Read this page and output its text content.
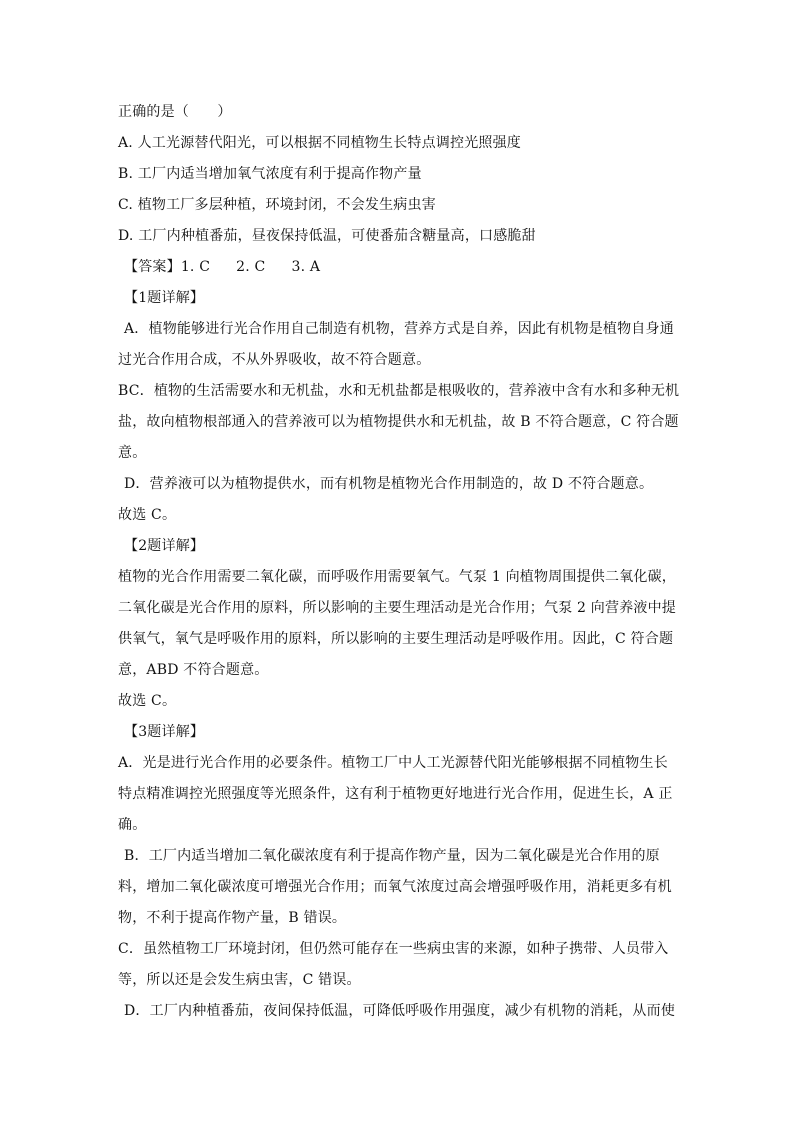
正确的是（　　）
A. 人工光源替代阳光，可以根据不同植物生长特点调控光照强度
B. 工厂内适当增加氧气浓度有利于提高作物产量
C. 植物工厂多层种植，环境封闭，不会发生病虫害
D. 工厂内种植番茄，昼夜保持低温，可使番茄含糖量高，口感脆甜
【答案】1. C 2. C 3. A
【1题详解】
A．植物能够进行光合作用自己制造有机物，营养方式是自养，因此有机物是植物自身通
过光合作用合成，不从外界吸收，故不符合题意。
BC．植物的生活需要水和无机盐，水和无机盐都是根吸收的，营养液中含有水和多种无机
盐，故向植物根部通入的营养液可以为植物提供水和无机盐，故 B 不符合题意，C 符合题
意。
D．营养液可以为植物提供水，而有机物是植物光合作用制造的，故 D 不符合题意。
故选 C。
【2题详解】
植物的光合作用需要二氧化碳，而呼吸作用需要氧气。气泵 1 向植物周围提供二氧化碳，
二氧化碳是光合作用的原料，所以影响的主要生理活动是光合作用；气泵 2 向营养液中提
供氧气，氧气是呼吸作用的原料，所以影响的主要生理活动是呼吸作用。因此，C 符合题
意，ABD 不符合题意。
故选 C。
【3题详解】
A．光是进行光合作用的必要条件。植物工厂中人工光源替代阳光能够根据不同植物生长
特点精准调控光照强度等光照条件，这有利于植物更好地进行光合作用，促进生长，A 正
确。
B．工厂内适当增加二氧化碳浓度有利于提高作物产量，因为二氧化碳是光合作用的原
料，增加二氧化碳浓度可增强光合作用；而氧气浓度过高会增强呼吸作用，消耗更多有机
物，不利于提高作物产量，B 错误。
C．虽然植物工厂环境封闭，但仍然可能存在一些病虫害的来源，如种子携带、人员带入
等，所以还是会发生病虫害，C 错误。
D．工厂内种植番茄，夜间保持低温，可降低呼吸作用强度，减少有机物的消耗，从而使
